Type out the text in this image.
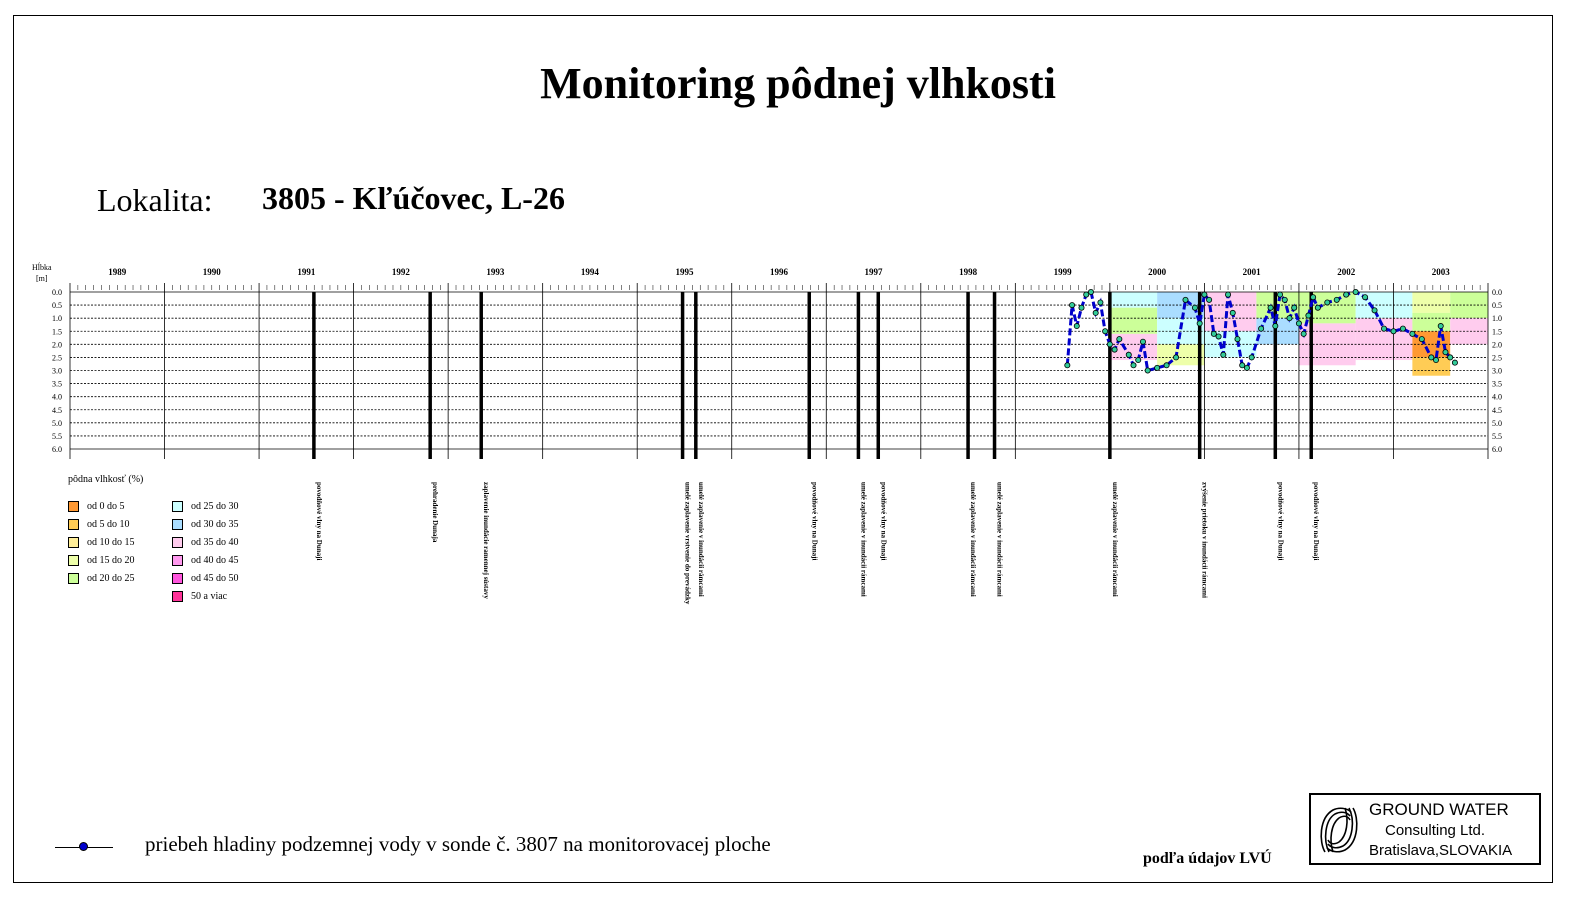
Monitoring pôdnej vlhkosti
Lokalita: 3805 - Kľúčovec, L-26
0.0	0.0
0.5	0.5
1.0	1.0
1.5	1.5
2.0	2.0
2.5	2.5
3.0	3.0
3.5	3.5
4.0	4.0
4.5	4.5
5.0	5.0
5.5	5.5
6.0	6.0
1989	1990	1991	1992	1993	1994	1995	1996	1997	1998	1999	2000	2001	2002	2003
Hĺbka
[m]
povodňové vlny na Dunaji	prehradenie Dunaja	zaplavenie inundácie ramennej sústavy	umelé zaplavenie vrstvenie do prevádzky umelé zaplavenie v inundácii rámcami	povodňové vlny na Dunaji	umelé zaplavenie v inundácii rámcami povodňové vlny na Dunaji	umelé zaplavenie v inundácii rámcami	umelé zaplavenie v inundácii rámcami	umelé zaplavenie v inundácii rámcami	zvýšenie prietoku v inundácii rámcami	povodňové vlny na Dunaji	povodňové vlny na Dunaji
pôdna vlhkosť (%)
od 0 do 5
od 5 do 10
od 10 do 15
od 15 do 20
od 20 do 25
od 25 do 30
od 30 do 35
od 35 do 40
od 40 do 45
od 45 do 50
50 a viac
priebeh hladiny podzemnej vody v sonde č. 3807 na monitorovacej ploche
podľa údajov LVÚ
GROUND WATER
Consulting Ltd.
Bratislava,SLOVAKIA
